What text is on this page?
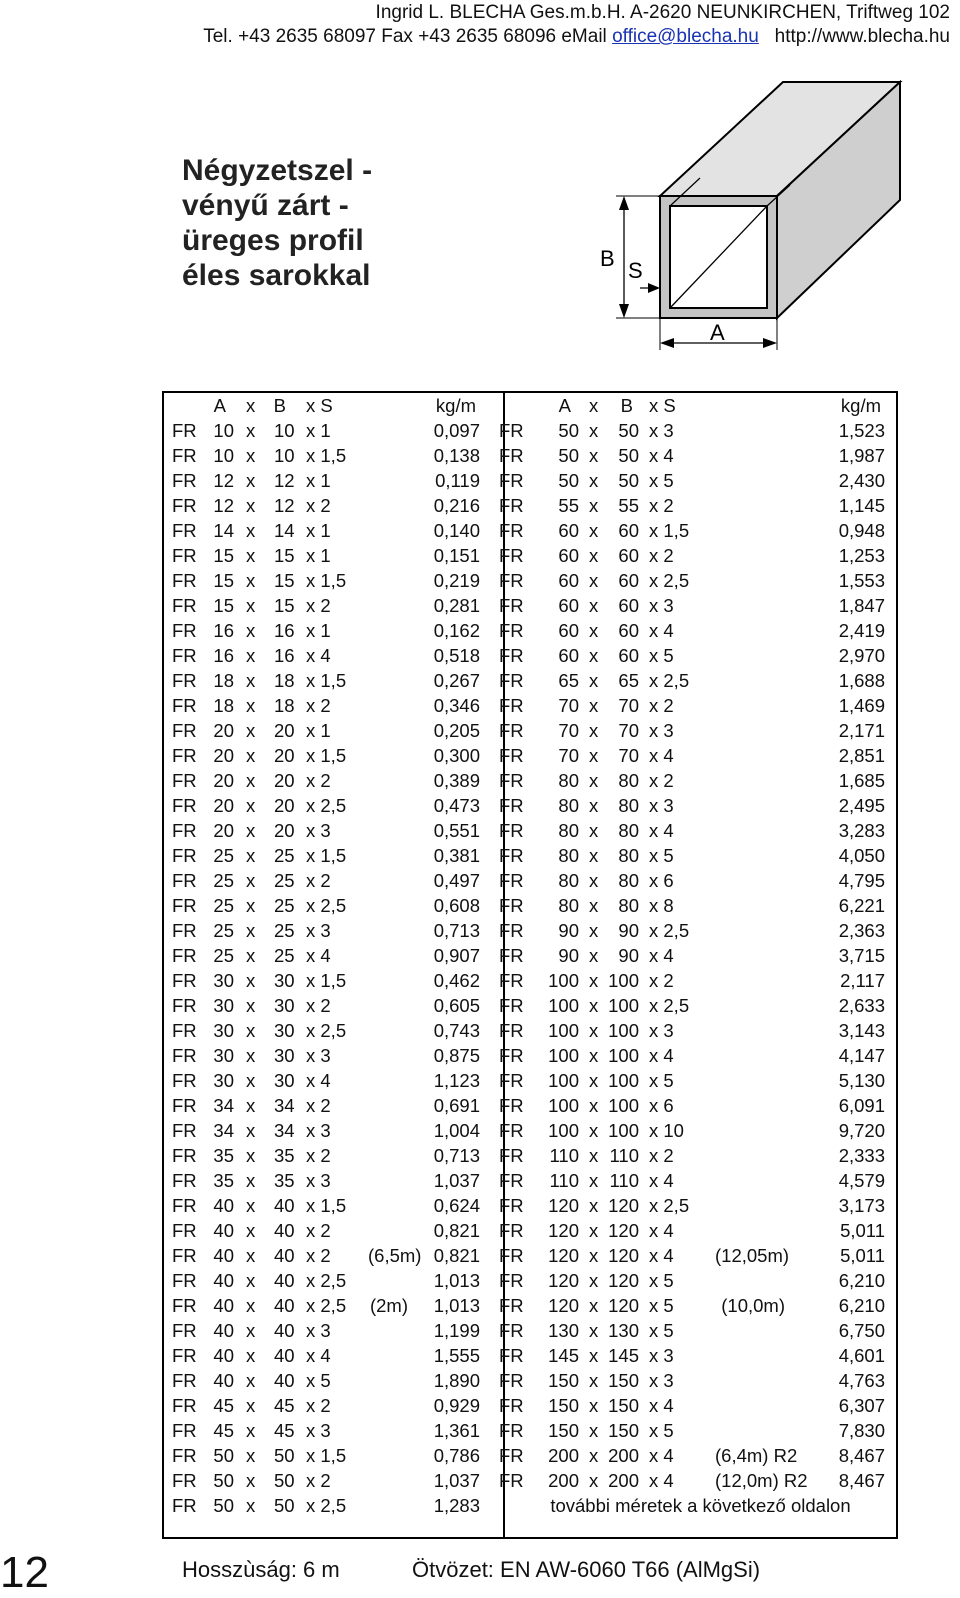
Ingrid L. BLECHA Ges.m.b.H. A-2620 NEUNKIRCHEN, Triftweg 102
Tel. +43 2635 68097 Fax +43 2635 68096 eMail office@blecha.hu http://www.blecha.hu
Négyzetszel -
vényű zárt -
üreges profil
éles sarokkal
B S
A
A x B x S	kg/m
FR 10 x 10 x 1	0,097
FR 10 x 10 x 1,5	0,138
FR 12 x 12 x 1	0,119
FR 12 x 12 x 2	0,216
FR 14 x 14 x 1	0,140
FR 15 x 15 x 1	0,151
FR 15 x 15 x 1,5	0,219
FR 15 x 15 x 2	0,281
FR 16 x 16 x 1	0,162
FR 16 x 16 x 4	0,518
FR 18 x 18 x 1,5	0,267
FR 18 x 18 x 2	0,346
FR 20 x 20 x 1	0,205
FR 20 x 20 x 1,5	0,300
FR 20 x 20 x 2	0,389
FR 20 x 20 x 2,5	0,473
FR 20 x 20 x 3	0,551
FR 25 x 25 x 1,5	0,381
FR 25 x 25 x 2	0,497
FR 25 x 25 x 2,5	0,608
FR 25 x 25 x 3	0,713
FR 25 x 25 x 4	0,907
FR 30 x 30 x 1,5	0,462
FR 30 x 30 x 2	0,605
FR 30 x 30 x 2,5	0,743
FR 30 x 30 x 3	0,875
FR 30 x 30 x 4	1,123
FR 34 x 34 x 2	0,691
FR 34 x 34 x 3	1,004
FR 35 x 35 x 2	0,713
FR 35 x 35 x 3	1,037
FR 40 x 40 x 1,5	0,624
FR 40 x 40 x 2	0,821
FR 40 x 40 x 2 (6,5m) 0,821
FR 40 x 40 x 2,5	1,013
FR 40 x 40 x 2,5 (2m)	1,013
FR 40 x 40 x 3	1,199
FR 40 x 40 x 4	1,555
FR 40 x 40 x 5	1,890
FR 45 x 45 x 2	0,929
FR 45 x 45 x 3	1,361
FR 50 x 50 x 1,5	0,786
FR 50 x 50 x 2	1,037
FR 50 x 50 x 2,5	1,283
A x	B x S	kg/m
FR	50 x	50 x 3	1,523
FR	50 x	50 x 4	1,987
FR	50 x	50 x 5	2,430
FR	55 x	55 x 2	1,145
FR	60 x	60 x 1,5	0,948
FR	60 x	60 x 2	1,253
FR	60 x	60 x 2,5	1,553
FR	60 x	60 x 3	1,847
FR	60 x	60 x 4	2,419
FR	60 x	60 x 5	2,970
FR	65 x	65 x 2,5	1,688
FR	70 x	70 x 2	1,469
FR	70 x	70 x 3	2,171
FR	70 x	70 x 4	2,851
FR	80 x	80 x 2	1,685
FR	80 x	80 x 3	2,495
FR	80 x	80 x 4	3,283
FR	80 x	80 x 5	4,050
FR	80 x	80 x 6	4,795
FR	80 x	80 x 8	6,221
FR	90 x	90 x 2,5	2,363
FR	90 x	90 x 4	3,715
FR	100 x 100 x 2	2,117
FR	100 x 100 x 2,5	2,633
FR	100 x 100 x 3	3,143
FR	100 x 100 x 4	4,147
FR	100 x 100 x 5	5,130
FR	100 x 100 x 6	6,091
FR	100 x 100 x 10	9,720
FR	110 x 110 x 2	2,333
FR	110 x 110 x 4	4,579
FR	120 x 120 x 2,5	3,173
FR	120 x 120 x 4	5,011
FR	120 x 120 x 4 (12,05m)	5,011
FR	120 x 120 x 5	6,210
FR	120 x 120 x 5	(10,0m)	6,210
FR	130 x 130 x 5	6,750
FR	145 x 145 x 3	4,601
FR	150 x 150 x 3	4,763
FR	150 x 150 x 4	6,307
FR	150 x 150 x 5	7,830
FR	200 x 200 x 4 (6,4m) R2	8,467
FR	200 x 200 x 4 (12,0m) R2	8,467
további méretek a következő oldalon
12	Hosszùság: 6 m	Ötvözet: EN AW-6060 T66 (AlMgSi)
